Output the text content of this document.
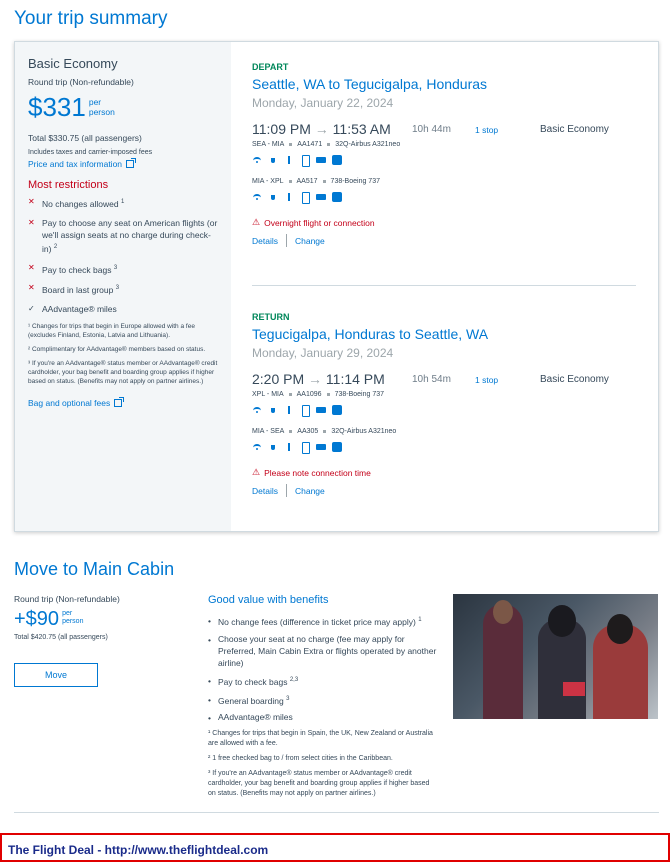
Your trip summary
Basic Economy
Round trip (Non-refundable)
$331 per
person
Total $330.75 (all passengers)
Includes taxes and carrier-imposed fees
Price and tax information
Most restrictions
✕ No changes allowed $^1$
✕ Pay to choose any seat on American flights (or we'll assign seats at no charge during check-in) $^2$
✕ Pay to check bags $^3$
✕ Board in last group $^3$
✓ AAdvantage® miles
¹ Changes for trips that begin in Europe allowed with a fee (excludes Finland, Estonia, Latvia and Lithuania).
² Complimentary for AAdvantage® members based on status.
³ If you're an AAdvantage® status member or AAdvantage® credit cardholder, your bag benefit and boarding group applies if higher based on status. (Benefits may not apply on partner airlines.)
Bag and optional fees
DEPART
Seattle, WA to Tegucigalpa, Honduras
Monday, January 22, 2024
11:09 PM → 11:53 AM 10h 44m	1 stop	Basic Economy
SEA - MIA AA1471 32Q-Airbus A321neo
MIA - XPL AA517 738-Boeing 737
⚠ Overnight flight or connection
Details Change
RETURN
Tegucigalpa, Honduras to Seattle, WA
Monday, January 29, 2024
2:20 PM → 11:14 PM	10h 54m	1 stop	Basic Economy
XPL - MIA AA1096 738-Boeing 737
MIA - SEA AA305 32Q-Airbus A321neo
⚠ Please note connection time
Details Change
Move to Main Cabin
Round trip (Non-refundable)
+$90 per
person
Total $420.75 (all passengers)
Move
Good value with benefits
• No change fees (difference in ticket price may apply) $^1$
• Choose your seat at no charge (fee may apply for Preferred, Main Cabin Extra or flights operated by another airline)
• Pay to check bags $^{2,3}$
• General boarding $^3$
• AAdvantage® miles
¹ Changes for trips that begin in Spain, the UK, New Zealand or Australia are allowed with a fee.
² 1 free checked bag to / from select cities in the Caribbean.
³ If you're an AAdvantage® status member or AAdvantage® credit cardholder, your bag benefit and boarding group applies if higher based on status. (Benefits may not apply on partner airlines.)
The Flight Deal - http://www.theflightdeal.com
